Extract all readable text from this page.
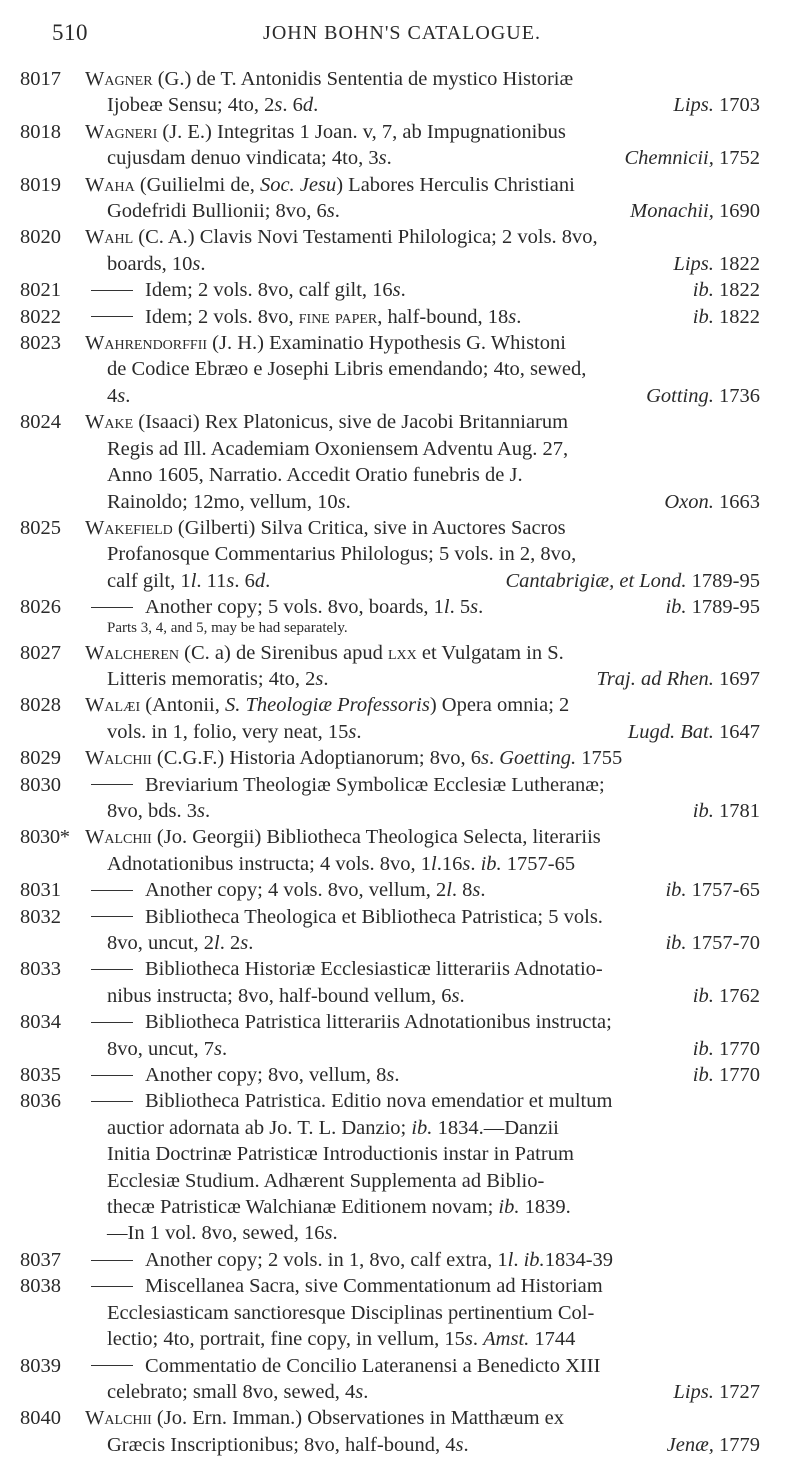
510	JOHN BOHN'S CATALOGUE.
8017	Wagner (G.) de T. Antonidis Sententia de mystico Historiæ
Ijobeæ Sensu; 4to, 2s. 6d.	Lips. 1703
8018	Wagneri (J. E.) Integritas 1 Joan. v, 7, ab Impugnationibus
cujusdam denuo vindicata; 4to, 3s.	Chemnicii, 1752
8019	Waha (Guilielmi de, Soc. Jesu) Labores Herculis Christiani
Godefridi Bullionii; 8vo, 6s.	Monachii, 1690
8020	Wahl (C. A.) Clavis Novi Testamenti Philologica; 2 vols. 8vo,
boards, 10s.	Lips. 1822
8021	Idem; 2 vols. 8vo, calf gilt, 16s.	ib. 1822
8022	Idem; 2 vols. 8vo, fine paper, half-bound, 18s.	ib. 1822
8023	Wahrendorffii (J. H.) Examinatio Hypothesis G. Whistoni
de Codice Ebræo e Josephi Libris emendando; 4to, sewed,
4s.	Gotting. 1736
8024	Wake (Isaaci) Rex Platonicus, sive de Jacobi Britanniarum
Regis ad Ill. Academiam Oxoniensem Adventu Aug. 27,
Anno 1605, Narratio. Accedit Oratio funebris de J.
Rainoldo; 12mo, vellum, 10s.	Oxon. 1663
8025	Wakefield (Gilberti) Silva Critica, sive in Auctores Sacros
Profanosque Commentarius Philologus; 5 vols. in 2, 8vo,
calf gilt, 1l. 11s. 6d.	Cantabrigiæ, et Lond. 1789-95
8026	Another copy; 5 vols. 8vo, boards, 1l. 5s.	ib. 1789-95
Parts 3, 4, and 5, may be had separately.
8027	Walcheren (C. a) de Sirenibus apud lxx et Vulgatam in S.
Litteris memoratis; 4to, 2s.	Traj. ad Rhen. 1697
8028	Walæi (Antonii, S. Theologiæ Professoris) Opera omnia; 2
vols. in 1, folio, very neat, 15s.	Lugd. Bat. 1647
8029	Walchii (C.G.F.) Historia Adoptianorum; 8vo, 6s. Goetting. 1755
8030	Breviarium Theologiæ Symbolicæ Ecclesiæ Lutheranæ;
8vo, bds. 3s.	ib. 1781
8030* Walchii (Jo. Georgii) Bibliotheca Theologica Selecta, literariis
Adnotationibus instructa; 4 vols. 8vo, 1l.16s. ib. 1757-65
8031	Another copy; 4 vols. 8vo, vellum, 2l. 8s.	ib. 1757-65
8032	Bibliotheca Theologica et Bibliotheca Patristica; 5 vols.
8vo, uncut, 2l. 2s.	ib. 1757-70
8033	Bibliotheca Historiæ Ecclesiasticæ litterariis Adnotatio-
nibus instructa; 8vo, half-bound vellum, 6s.	ib. 1762
8034	Bibliotheca Patristica litterariis Adnotationibus instructa;
8vo, uncut, 7s.	ib. 1770
8035	Another copy; 8vo, vellum, 8s.	ib. 1770
8036	Bibliotheca Patristica. Editio nova emendatior et multum
auctior adornata ab Jo. T. L. Danzio; ib. 1834.—Danzii
Initia Doctrinæ Patristicæ Introductionis instar in Patrum
Ecclesiæ Studium. Adhærent Supplementa ad Biblio-
thecæ Patristicæ Walchianæ Editionem novam; ib. 1839.
—In 1 vol. 8vo, sewed, 16s.
8037	Another copy; 2 vols. in 1, 8vo, calf extra, 1l. ib.1834-39
8038	Miscellanea Sacra, sive Commentationum ad Historiam
Ecclesiasticam sanctioresque Disciplinas pertinentium Col-
lectio; 4to, portrait, fine copy, in vellum, 15s. Amst. 1744
8039	Commentatio de Concilio Lateranensi a Benedicto XIII
celebrato; small 8vo, sewed, 4s.	Lips. 1727
8040	Walchii (Jo. Ern. Imman.) Observationes in Matthæum ex
Græcis Inscriptionibus; 8vo, half-bound, 4s.	Jenæ, 1779
